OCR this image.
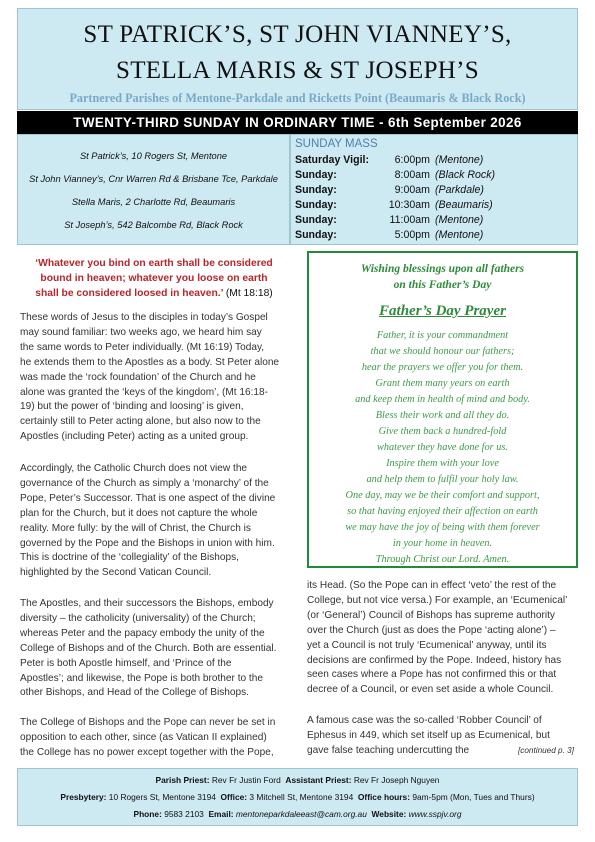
ST PATRICK’S, ST JOHN VIANNEY’S,
STELLA MARIS & ST JOSEPH’S
Partnered Parishes of Mentone-Parkdale and Ricketts Point (Beaumaris & Black Rock)
TWENTY-THIRD SUNDAY IN ORDINARY TIME - 6th September 2026
St Patrick’s, 10 Rogers St, Mentone
St John Vianney’s, Cnr Warren Rd & Brisbane Tce, Parkdale
Stella Maris, 2 Charlotte Rd, Beaumaris
St Joseph’s, 542 Balcombe Rd, Black Rock
SUNDAY MASS
Saturday Vigil: 6:00pm (Mentone)
Sunday:	8:00am (Black Rock)
Sunday:	9:00am (Parkdale)
Sunday:	10:30am (Beaumaris)
Sunday:	11:00am (Mentone)
Sunday:	5:00pm (Mentone)
‘Whatever you bind on earth shall be considered
bound in heaven; whatever you loose on earth
shall be considered loosed in heaven.’ (Mt 18:18)
These words of Jesus to the disciples in today’s Gospel
may sound familiar: two weeks ago, we heard him say
the same words to Peter individually. (Mt 16:19) Today,
he extends them to the Apostles as a body. St Peter alone
was made the ‘rock foundation’ of the Church and he
alone was granted the ‘keys of the kingdom’, (Mt 16:18-
19) but the power of ‘binding and loosing’ is given,
certainly still to Peter acting alone, but also now to the
Apostles (including Peter) acting as a united group.
Accordingly, the Catholic Church does not view the
governance of the Church as simply a ‘monarchy’ of the
Pope, Peter’s Successor. That is one aspect of the divine
plan for the Church, but it does not capture the whole
reality. More fully: by the will of Christ, the Church is
governed by the Pope and the Bishops in union with him.
This is doctrine of the ‘collegiality’ of the Bishops,
highlighted by the Second Vatican Council.
The Apostles, and their successors the Bishops, embody
diversity – the catholicity (universality) of the Church;
whereas Peter and the papacy embody the unity of the
College of Bishops and of the Church. Both are essential.
Peter is both Apostle himself, and ‘Prince of the
Apostles’; and likewise, the Pope is both brother to the
other Bishops, and Head of the College of Bishops.
The College of Bishops and the Pope can never be set in
opposition to each other, since (as Vatican II explained)
the College has no power except together with the Pope,
Wishing blessings upon all fathers
on this Father’s Day
Father’s Day Prayer
Father, it is your commandment
that we should honour our fathers;
hear the prayers we offer you for them.
Grant them many years on earth
and keep them in health of mind and body.
Bless their work and all they do.
Give them back a hundred-fold
whatever they have done for us.
Inspire them with your love
and help them to fulfil your holy law.
One day, may we be their comfort and support,
so that having enjoyed their affection on earth
we may have the joy of being with them forever
in your home in heaven.
Through Christ our Lord. Amen.
its Head. (So the Pope can in effect ‘veto’ the rest of the
College, but not vice versa.) For example, an ‘Ecumenical’
(or ‘General’) Council of Bishops has supreme authority
over the Church (just as does the Pope ‘acting alone’) –
yet a Council is not truly ‘Ecumenical’ anyway, until its
decisions are confirmed by the Pope. Indeed, history has
seen cases where a Pope has not confirmed this or that
decree of a Council, or even set aside a whole Council.
A famous case was the so-called ‘Robber Council’ of
Ephesus in 449, which set itself up as Ecumenical, but
gave false teaching undercutting the	[continued p. 3]
Parish Priest: Rev Fr Justin Ford Assistant Priest: Rev Fr Joseph Nguyen
Presbytery: 10 Rogers St, Mentone 3194 Office: 3 Mitchell St, Mentone 3194 Office hours: 9am-5pm (Mon, Tues and Thurs)
Phone: 9583 2103 Email: mentoneparkdaleeast@cam.org.au Website: www.sspjv.org
